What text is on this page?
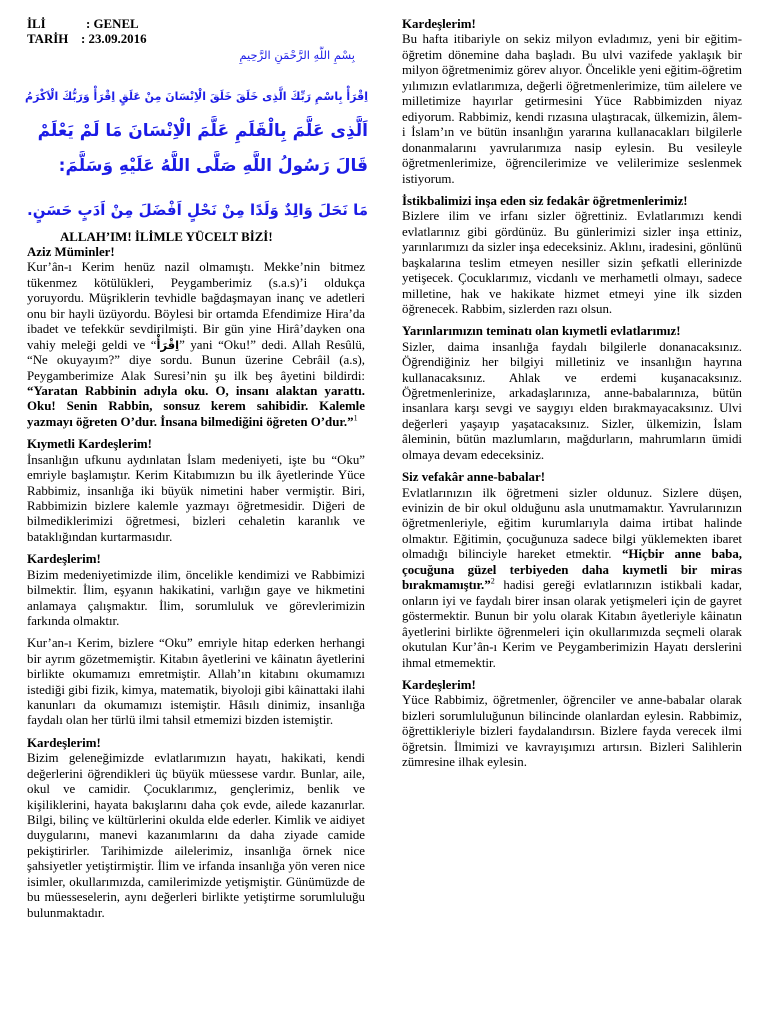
İLİ	: GENEL
TARİH : 23.09.2016
بِسْمِ اللَّهِ الرَّحْمَنِ الرَّحِيمِ
اِقْرَأْ بِاسْمِ رَبِّكَ الَّذِى خَلَقَ خَلَقَ الْاِنْسَانَ مِنْ عَلَقٍ اِقْرَأْ وَرَبُّكَ الْاَكْرَمُ
اَلَّذِى عَلَّمَ بِالْقَلَمِ عَلَّمَ الْاِنْسَانَ مَا لَمْ يَعْلَمْ
قَالَ رَسُولُ اللَّهِ صَلَّى اللَّهُ عَلَيْهِ وَسَلَّمَ:
مَا نَحَلَ وَالِدٌ وَلَدًا مِنْ نَحْلٍ اَفْضَلَ مِنْ اَدَبٍ حَسَنٍ.
ALLAH’IM! İLİMLE YÜCELT BİZİ!
Aziz Müminler!

Kur’ân-ı Kerim henüz nazil olmamıştı. Mekke’nin bitmez tükenmez kötülükleri, Peygamberimiz (s.a.s)’i oldukça yoruyordu. Müşriklerin tevhidle bağdaşmayan inanç ve adetleri onu bir hayli üzüyordu. Böylesi bir ortamda Efendimize Hira’da ibadet ve tefekkür sevdirilmişti. Bir gün yine Hirâ’dayken ona vahiy meleği geldi ve “اِقْرَأْ” yani “Oku!” dedi. Allah Resûlü, “Ne okuyayım?” diye sordu. Bunun üzerine Cebrâil (a.s), Peygamberimize Alak Suresi’nin şu ilk beş âyetini bildirdi: “Yaratan Rabbinin adıyla oku. O, insanı alaktan yarattı. Oku! Senin Rabbin, sonsuz kerem sahibidir. Kalemle yazmayı öğreten O’dur. İnsana bilmediğini öğreten O’dur.”$^1$

Kıymetli Kardeşlerim!

İnsanlığın ufkunu aydınlatan İslam medeniyeti, işte bu “Oku” emriyle başlamıştır. Kerim Kitabımızın bu ilk âyetlerinde Yüce Rabbimiz, insanlığa iki büyük nimetini haber vermiştir. Biri, Rabbimizin bizlere kalemle yazmayı öğretmesidir. Diğeri de bilmediklerimizi öğretmesi, bizleri cehaletin karanlık ve bataklığından kurtarmasıdır.

Kardeşlerim!

Bizim medeniyetimizde ilim, öncelikle kendimizi ve Rabbimizi bilmektir. İlim, eşyanın hakikatini, varlığın gaye ve hikmetini anlamaya çalışmaktır. İlim, sorumluluk ve görevlerimizin farkında olmaktır.

Kur’an-ı Kerim, bizlere “Oku” emriyle hitap ederken herhangi bir ayrım gözetmemiştir. Kitabın âyetlerini ve kâinatın âyetlerini birlikte okumamızı emretmiştir. Allah’ın kitabını okumamızı istediği gibi fizik, kimya, matematik, biyoloji gibi kâinattaki ilahi kanunları da okumamızı istemiştir. Hâsılı dinimiz, insanlığa faydalı olan her türlü ilmi tahsil etmemizi bizden istemiştir.

Kardeşlerim!

Bizim geleneğimizde evlatlarımızın hayatı, hakikati, kendi değerlerini öğrendikleri üç büyük müessese vardır. Bunlar, aile, okul ve camidir. Çocuklarımız, gençlerimiz, benlik ve kişiliklerini, hayata bakışlarını daha çok evde, ailede kazanırlar. Bilgi, bilinç ve kültürlerini okulda elde ederler. Kimlik ve aidiyet duygularını, manevi kazanımlarını da daha ziyade camide pekiştirirler. Tarihimizde ailelerimiz, insanlığa örnek nice şahsiyetler yetiştirmiştir. İlim ve irfanda insanlığa yön veren nice isimler, okullarımızda, camilerimizde yetişmiştir. Günümüzde de bu müesseselerin, aynı değerleri birlikte yetiştirme sorumluluğu bulunmaktadır.

Kardeşlerim!

Bu hafta itibariyle on sekiz milyon evladımız, yeni bir eğitim-öğretim dönemine daha başladı. Bu ulvi vazifede yaklaşık bir milyon öğretmenimiz görev alıyor. Öncelikle yeni eğitim-öğretim yılımızın evlatlarımıza, değerli öğretmenlerimize, tüm ailelere ve milletimize hayırlar getirmesini Yüce Rabbimizden niyaz ediyorum. Rabbimiz, kendi rızasına ulaştıracak, ülkemizin, âlem-i İslam’ın ve bütün insanlığın yararına kullanacakları bilgilerle donanmalarını yavrularımıza nasip eylesin. Bu vesileyle öğretmenlerimize, öğrencilerimize ve velilerimize seslenmek istiyorum.

İstikbalimizi inşa eden siz fedakâr öğretmenlerimiz!

Bizlere ilim ve irfanı sizler öğrettiniz. Evlatlarımızı kendi evlatlarınız gibi gördünüz. Bu günlerimizi sizler inşa ettiniz, yarınlarımızı da sizler inşa edeceksiniz. Aklını, iradesini, gönlünü başkalarına teslim etmeyen nesiller sizin şefkatli ellerinizde yetişecek. Çocuklarımız, vicdanlı ve merhametli olmayı, sadece milletine, hak ve hakikate hizmet etmeyi yine ilk sizden öğrenecek. Rabbim, sizlerden razı olsun.

Yarınlarımızın teminatı olan kıymetli evlatlarımız!

Sizler, daima insanlığa faydalı bilgilerle donanacaksınız. Öğrendiğiniz her bilgiyi milletiniz ve insanlığın hayrına kullanacaksınız. Ahlak ve erdemi kuşanacaksınız. Öğretmenlerinize, arkadaşlarınıza, anne-babalarınıza, bütün insanlara karşı sevgi ve saygıyı elden bırakmayacaksınız. Ulvi değerleri yaşayıp yaşatacaksınız. Sizler, ülkemizin, İslam âleminin, bütün mazlumların, mağdurların, mahrumların ümidi olmaya devam edeceksiniz.

Siz vefakâr anne-babalar!

Evlatlarınızın ilk öğretmeni sizler oldunuz. Sizlere düşen, evinizin de bir okul olduğunu asla unutmamaktır. Yavrularınızın öğretmenleriyle, eğitim kurumlarıyla daima irtibat halinde olmaktır. Eğitimin, çocuğunuza sadece bilgi yüklemekten ibaret olmadığı bilinciyle hareket etmektir. “Hiçbir anne baba, çocuğuna güzel terbiyeden daha kıymetli bir miras bırakmamıştır.”$^2$ hadisi gereği evlatlarınızın istikbali kadar, onların iyi ve faydalı birer insan olarak yetişmeleri için de gayret göstermektir. Bunun bir yolu olarak Kitabın âyetleriyle kâinatın âyetlerini birlikte öğrenmeleri için okullarımızda seçmeli olarak okutulan Kur’ân-ı Kerim ve Peygamberimizin Hayatı derslerini ihmal etmemektir.

Kardeşlerim!

Yüce Rabbimiz, öğretmenler, öğrenciler ve anne-babalar olarak bizleri sorumluluğunun bilincinde olanlardan eylesin. Rabbimiz, öğrettikleriyle bizleri faydalandırsın. Bizlere fayda verecek ilmi öğretsin. İlmimizi ve kavrayışımızı artırsın. Bizleri Salihlerin zümresine ilhak eylesin.
